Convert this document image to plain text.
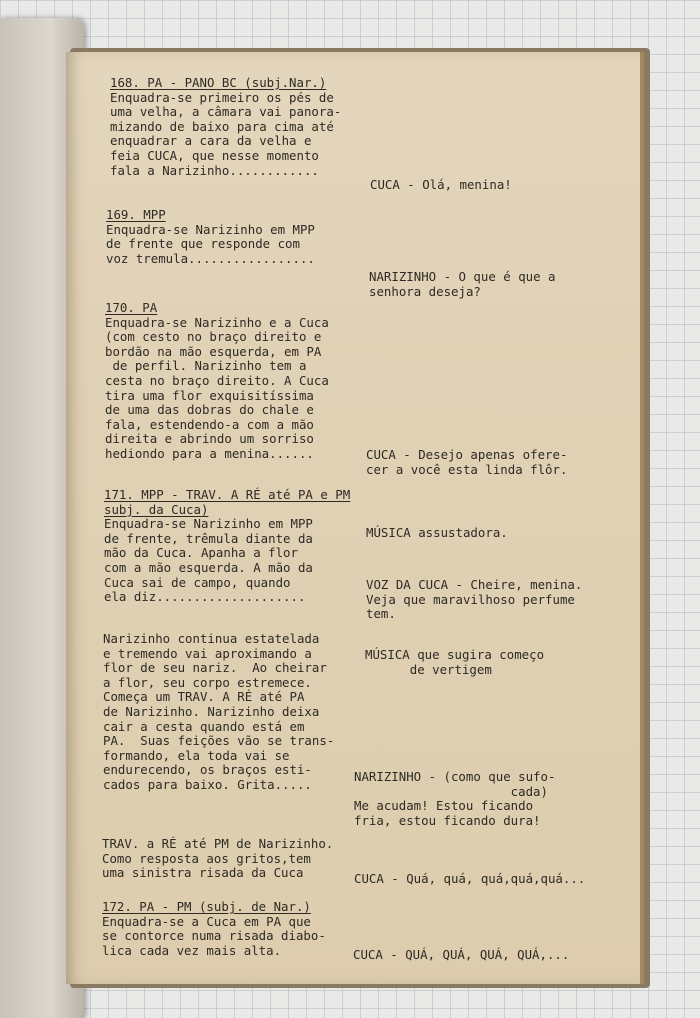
168. PA - PANO BC (subj.Nar.)
Enquadra-se primeiro os pés de
uma velha, a câmara vai panora-
mizando de baixo para cima até
enquadrar a cara da velha e
feia CUCA, que nesse momento
fala a Narizinho............
169. MPP
Enquadra-se Narizinho em MPP
de frente que responde com
voz tremula.................
170. PA
Enquadra-se Narizinho e a Cuca
(com cesto no braço direito e
bordão na mão esquerda, em PA
de perfil. Narizinho tem a
cesta no braço direito. A Cuca
tira uma flor exquisitíssima
de uma das dobras do chale e
fala, estendendo-a com a mão
direita e abrindo um sorriso
hediondo para a menina......
171. MPP - TRAV. A RÉ até PA e PM
subj. da Cuca)
Enquadra-se Narizinho em MPP
de frente, trêmula diante da
mão da Cuca. Apanha a flor
com a mão esquerda. A mão da
Cuca sai de campo, quando
ela diz....................
Narizinho continua estatelada
e tremendo vai aproximando a
flor de seu nariz.  Ao cheirar
a flor, seu corpo estremece.
Começa um TRAV. A RÉ até PA
de Narizinho. Narizinho deixa
cair a cesta quando está em
PA.  Suas feições vão se trans-
formando, ela toda vai se
endurecendo, os braços esti-
cados para baixo. Grita.....
TRAV. a RÉ até PM de Narizinho.
Como resposta aos gritos,tem
uma sinistra risada da Cuca
172. PA - PM (subj. de Nar.)
Enquadra-se a Cuca em PA que
se contorce numa risada diabo-
lica cada vez mais alta.
CUCA - Olá, menina!
NARIZINHO - O que é que a
senhora deseja?
CUCA - Desejo apenas ofere-
cer a você esta linda flôr.
MÚSICA assustadora.
VOZ DA CUCA - Cheire, menina.
Veja que maravilhoso perfume
tem.
MÚSICA que sugira começo
de vertigem
NARIZINHO - (como que sufo-
cada)
Me acudam! Estou ficando
fria, estou ficando dura!
CUCA - Quá, quá, quá,quá,quá...
CUCA - QUÁ, QUÁ, QUÁ, QUÁ,...
